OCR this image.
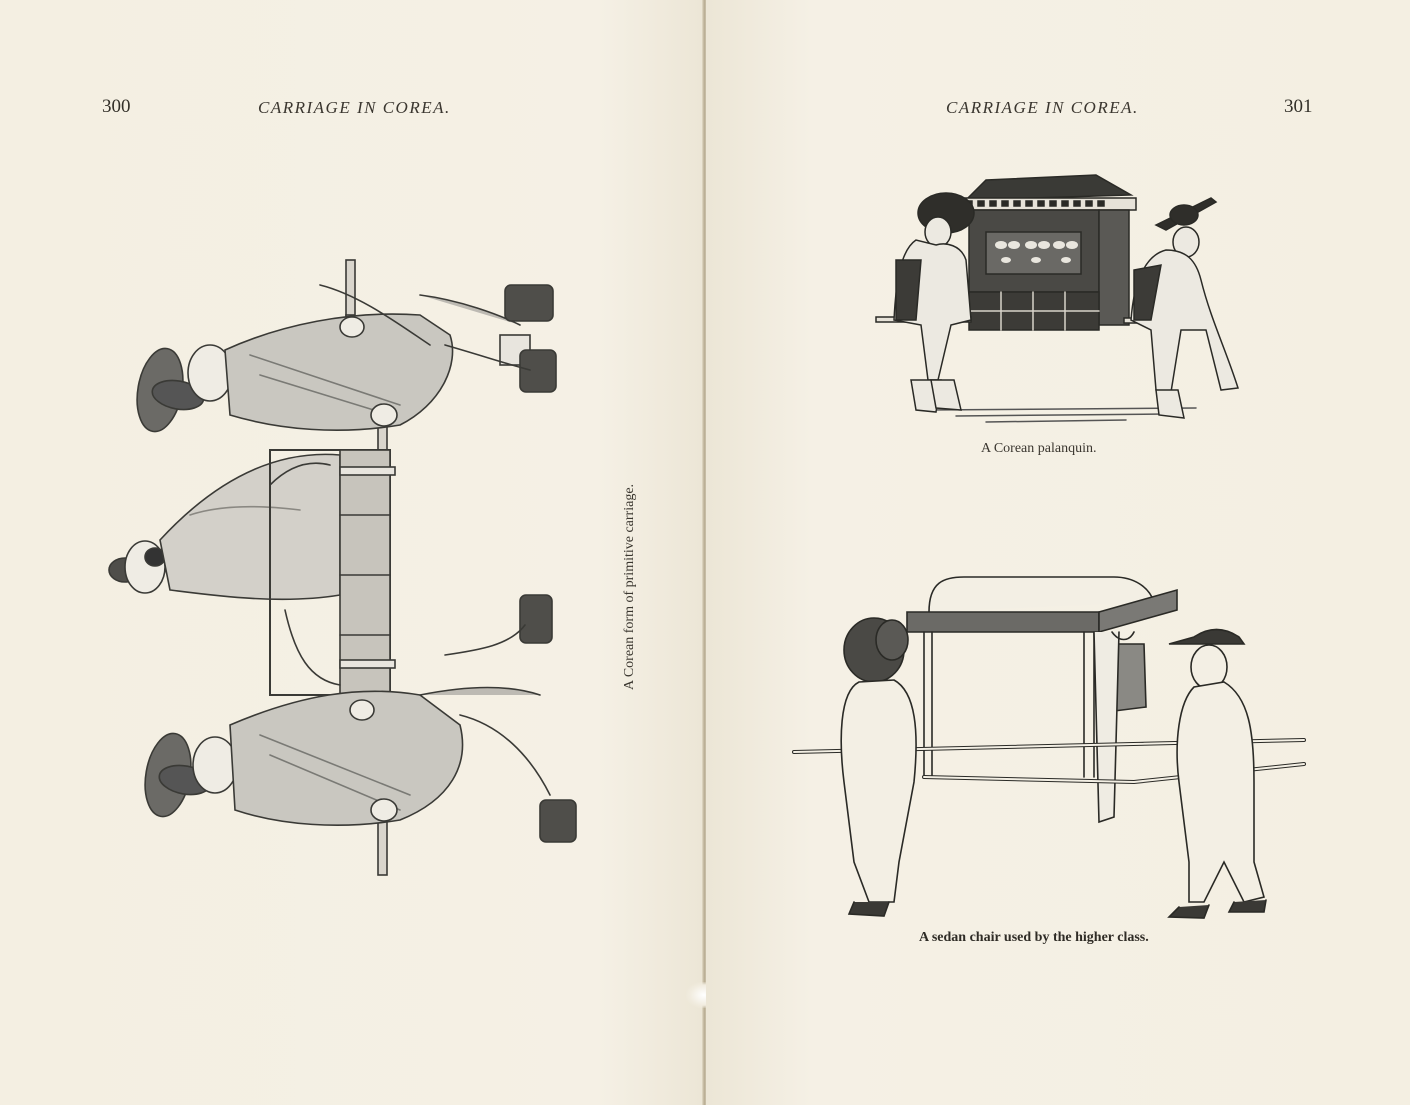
300	CARRIAGE IN COREA.
A Corean form of primitive carriage.
CARRIAGE IN COREA.	301
A Corean palanquin.
A sedan chair used by the higher class.
